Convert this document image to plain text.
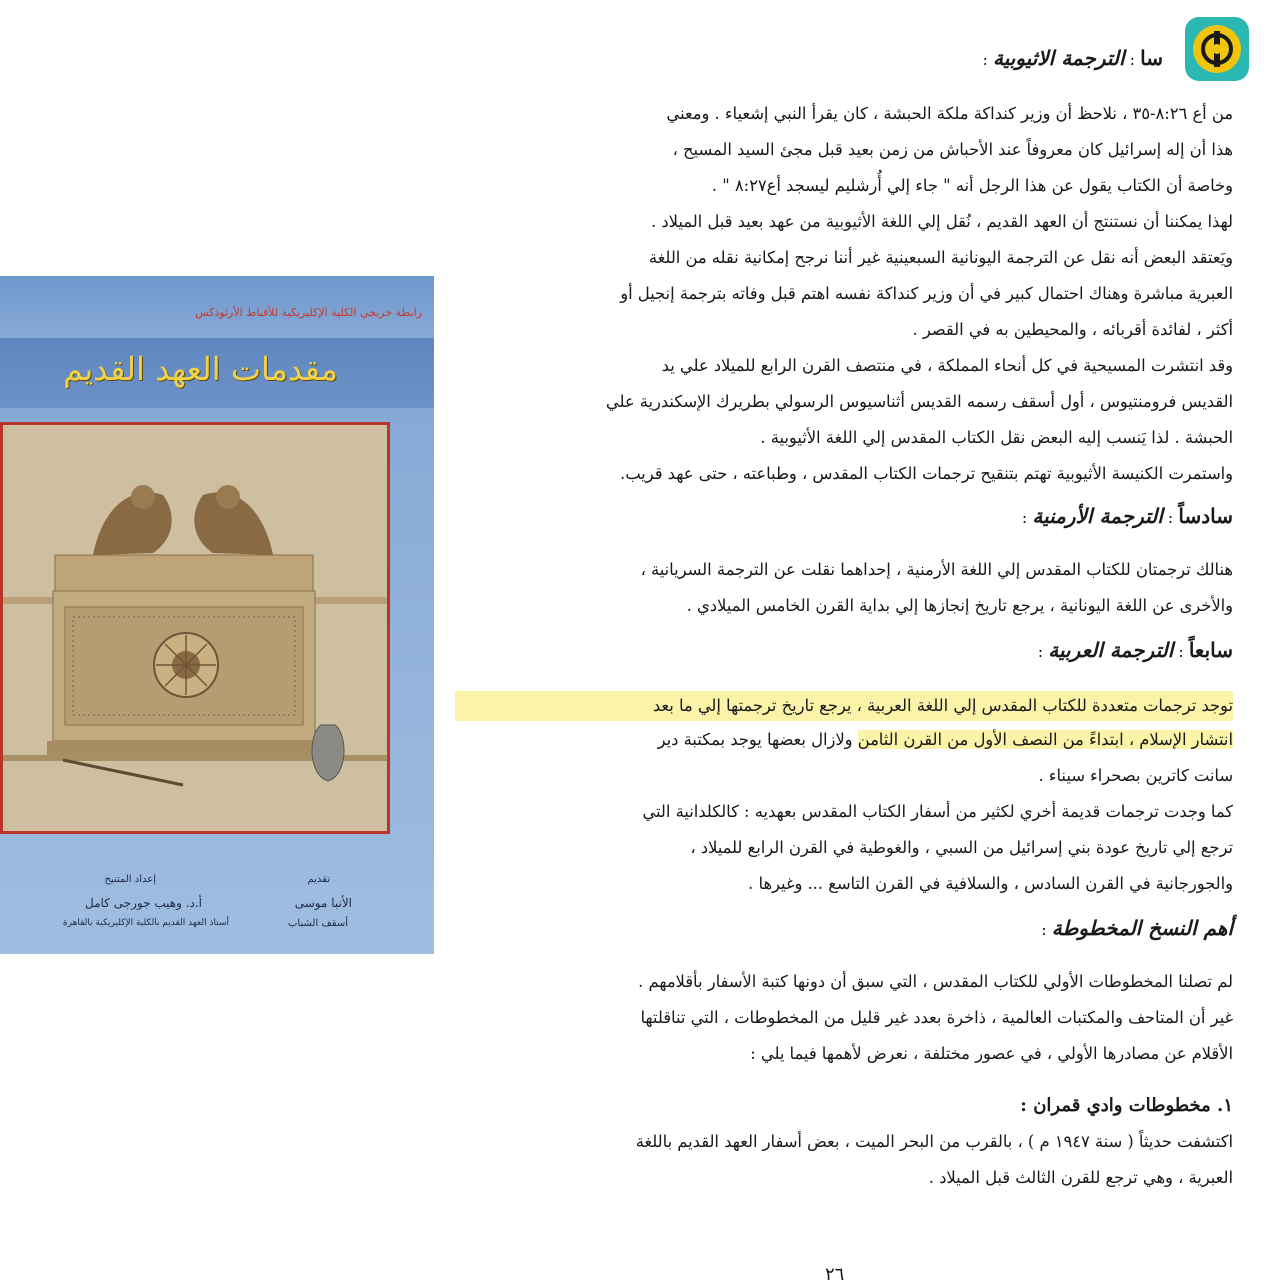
رابطة خريجي الكلية الإكليريكية للأقباط الأرثوذكس
مقدمات العهد القديم
تقديم
الأنبا موسى
أسقف الشباب
إعداد المتنيح
أ.د. وهيب جورجى كامل
أستاذ العهد القديم بالكلية الإكليريكية بالقاهرة
سا : الترجمة الاثيوبية :
من أع ٨:٢٦-٣٥ ، نلاحظ أن وزير كنداكة ملكة الحبشة ، كان يقرأ النبي إشعياء . ومعني
هذا أن إله إسرائيل كان معروفاً عند الأحباش من زمن بعيد قبل مجئ السيد المسيح ،
وخاصة أن الكتاب يقول عن هذا الرجل أنه " جاء إلي أُرشليم ليسجد أع٨:٢٧ " .
لهذا يمكننا أن نستنتج أن العهد القديم ، نُقل إلي اللغة الأثيوبية من عهد بعيد قبل الميلاد .
ويَعتقد البعض أنه نقل عن الترجمة اليونانية السبعينية غير أننا نرجح إمكانية نقله من اللغة
العبرية مباشرة وهناك احتمال كبير في أن وزير كنداكة نفسه اهتم قبل وفاته بترجمة إنجيل أو
أكثر ، لفائدة أقربائه ، والمحيطين به في القصر .
وقد انتشرت المسيحية في كل أنحاء المملكة ، في منتصف القرن الرابع للميلاد علي يد
القديس فرومنتيوس ، أول أسقف رسمه القديس أثناسيوس الرسولي بطريرك الإسكندرية علي
الحبشة . لذا يَنسب إليه البعض نقل الكتاب المقدس إلي اللغة الأثيوبية .
واستمرت الكنيسة الأثيوبية تهتم بتنقيح ترجمات الكتاب المقدس ، وطباعته ، حتى عهد قريب.
سادساً : الترجمة الأرمنية :
هنالك ترجمتان للكتاب المقدس إلي اللغة الأرمنية ، إحداهما نقلت عن الترجمة السريانية ،
والأخرى عن اللغة اليونانية ، يرجع تاريخ إنجازها إلي بداية القرن الخامس الميلادي .
سابعاً : الترجمة العربية :
توجد ترجمات متعددة للكتاب المقدس إلي اللغة العربية ، يرجع تاريخ ترجمتها إلي ما بعد
انتشار الإسلام ، ابتداءً من النصف الأول من القرن الثامن ولازال بعضها يوجد بمكتبة دير
سانت كاترين بصحراء سيناء .
كما وجدت ترجمات قديمة أخري لكثير من أسفار الكتاب المقدس بعهديه : كالكلدانية التي
ترجع إلي تاريخ عودة بني إسرائيل من السبي ، والغوطية في القرن الرابع للميلاد ،
والجورجانية في القرن السادس ، والسلافية في القرن التاسع ... وغيرها .
أهم النسخ المخطوطة :
لم تصلنا المخطوطات الأولي للكتاب المقدس ، التي سبق أن دونها كتبة الأسفار بأقلامهم .
غير أن المتاحف والمكتبات العالمية ، ذاخرة بعدد غير قليل من المخطوطات ، التي تناقلتها
الأقلام عن مصادرها الأولي ، في عصور مختلفة ، نعرض لأهمها فيما يلي :
١. مخطوطات وادي قمران :
اكتشفت حديثاً ( سنة ١٩٤٧ م ) ، بالقرب من البحر الميت ، بعض أسفار العهد القديم باللغة
العبرية ، وهي ترجع للقرن الثالث قبل الميلاد .
٢٦
